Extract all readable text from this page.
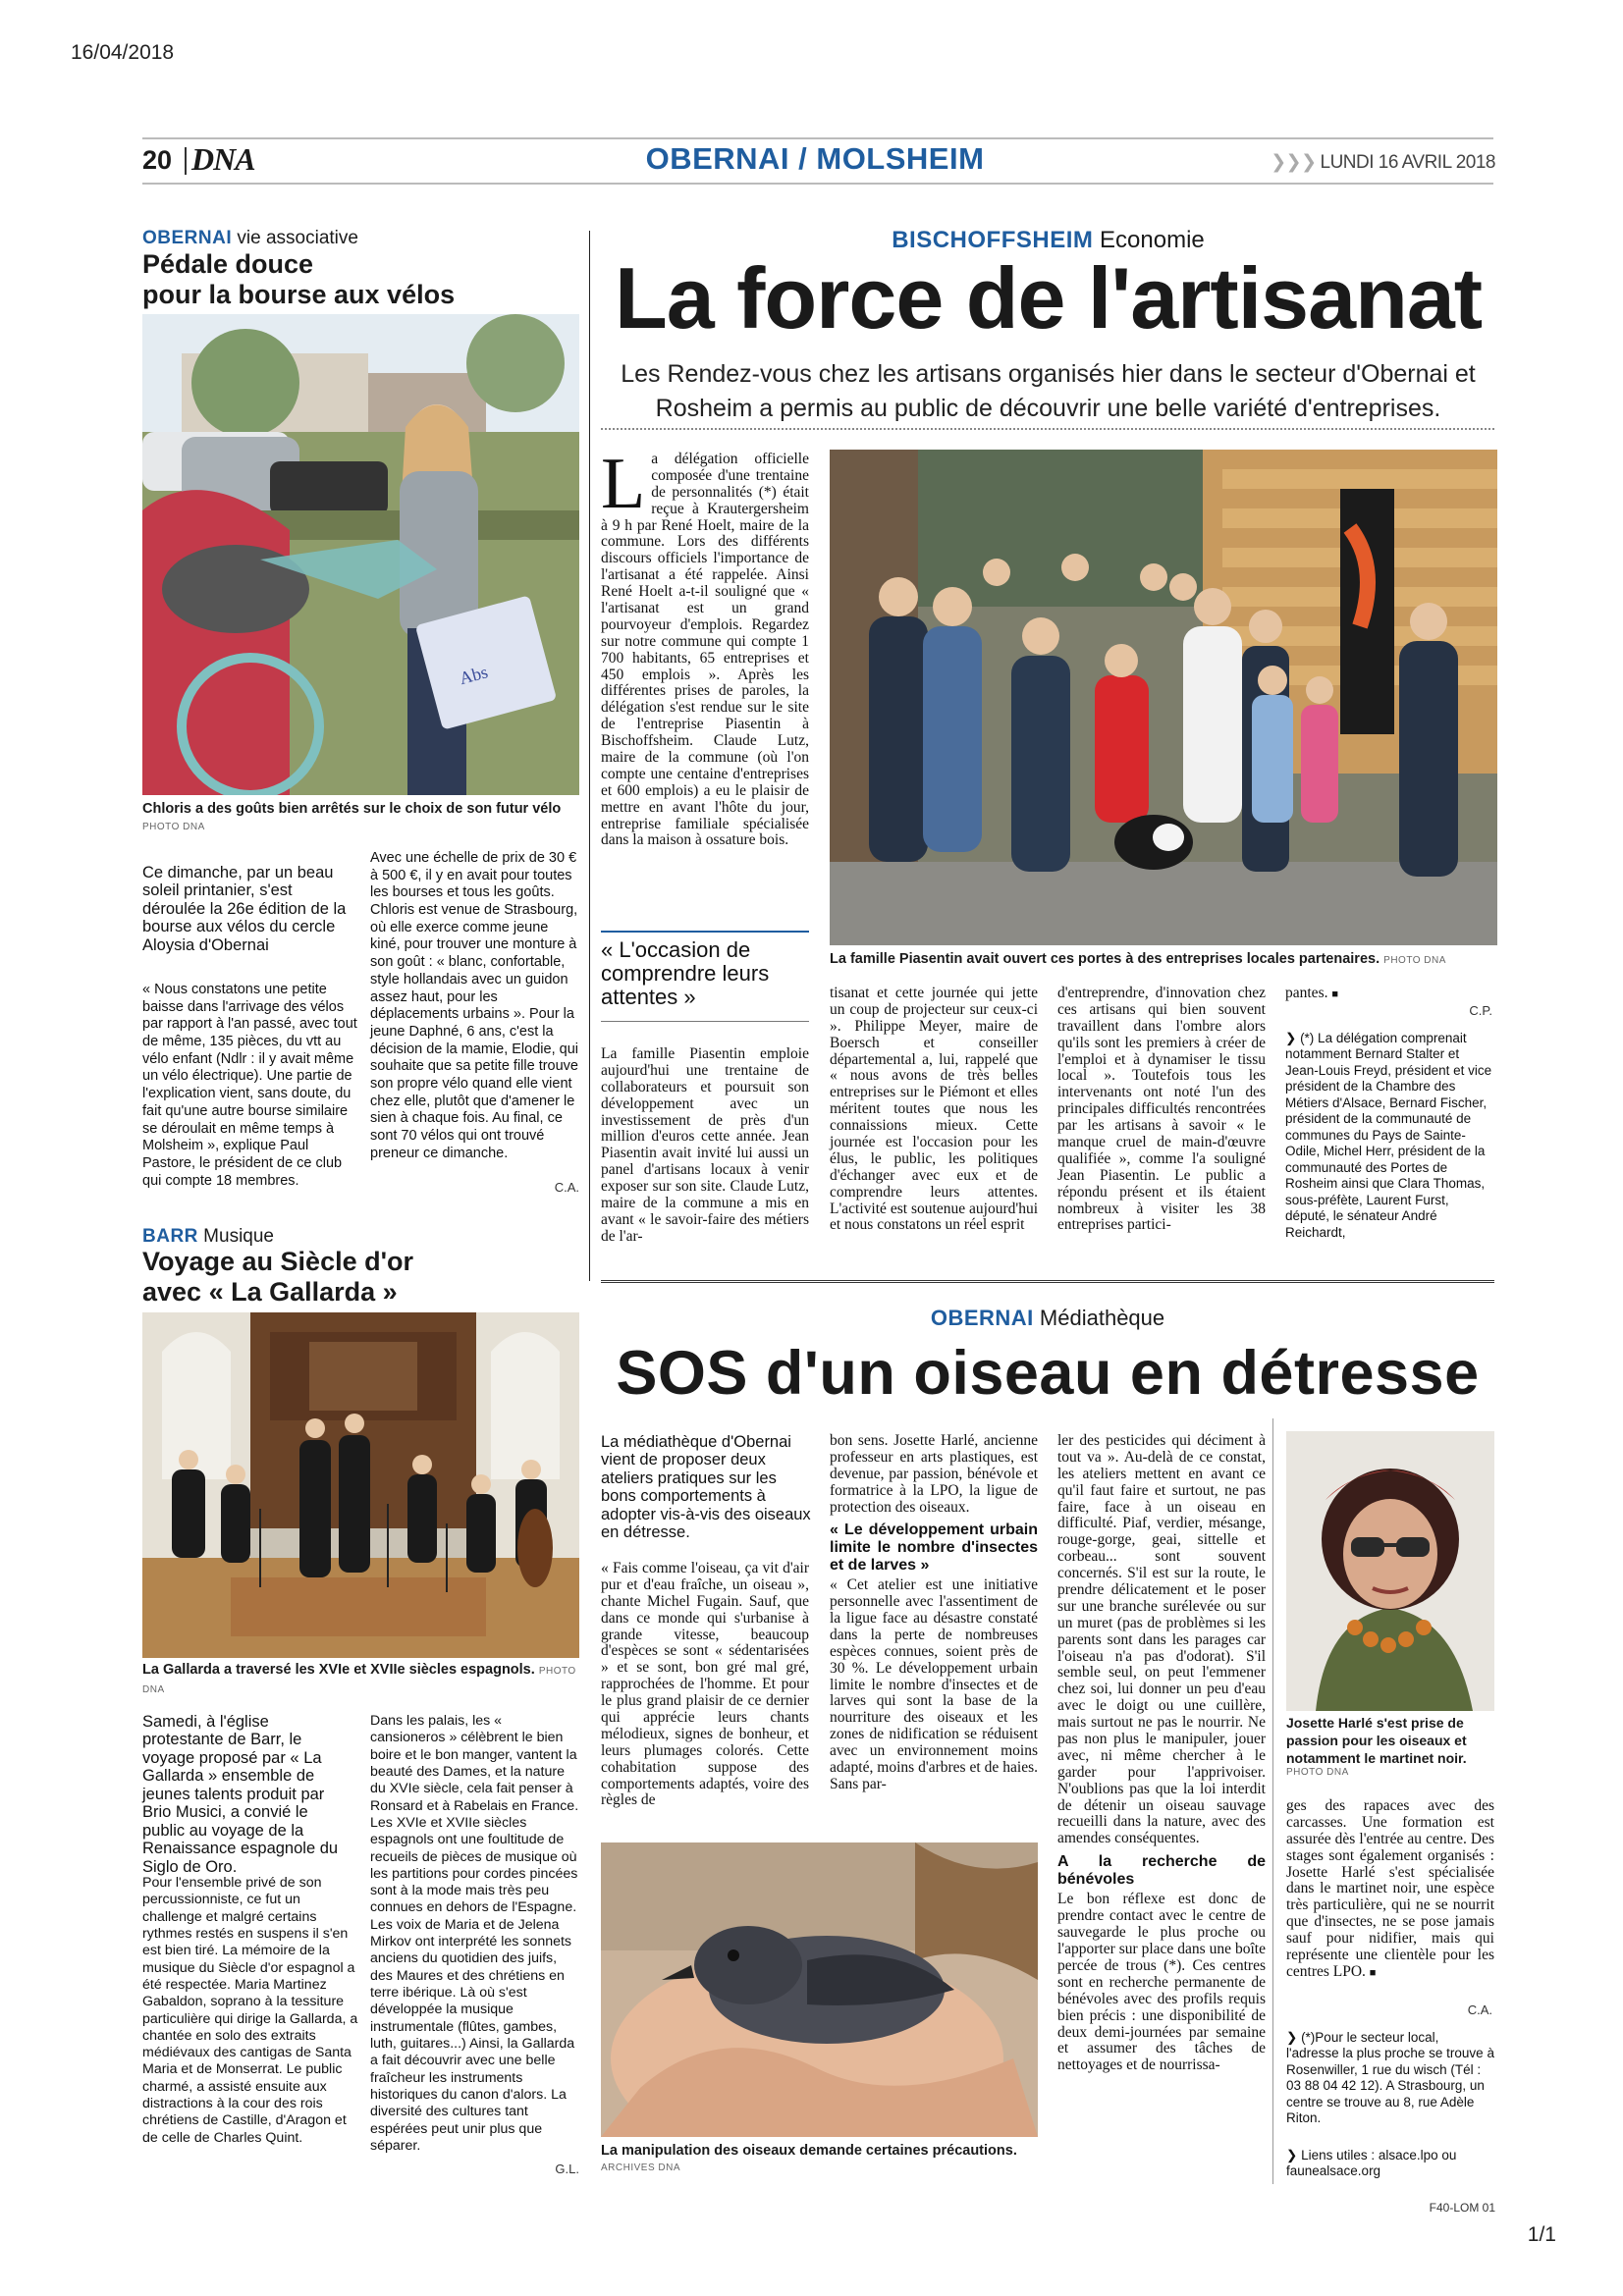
16/04/2018
1/1
20 DNA	OBERNAI / MOLSHEIM	❯❯❯ LUNDI 16 AVRIL 2018
OBERNAI vie associative
Pédale douce
pour la bourse aux vélos
Abs
Chloris a des goûts bien arrêtés sur le choix de son futur vélo
PHOTO DNA
Ce dimanche, par un beau soleil printanier, s'est déroulée la 26e édition de la bourse aux vélos du cercle Aloysia d'Obernai
« Nous constatons une petite baisse dans l'arrivage des vélos par rapport à l'an passé, avec tout de même, 135 pièces, du vtt au vélo enfant (Ndlr : il y avait même un vélo électrique). Une partie de l'explication vient, sans doute, du fait qu'une autre bourse similaire se déroulait en même temps à Molsheim », explique Paul Pastore, le président de ce club qui compte 18 membres.
Avec une échelle de prix de 30 € à 500 €, il y en avait pour toutes les bourses et tous les goûts. Chloris est venue de Strasbourg, où elle exerce comme jeune kiné, pour trouver une monture à son goût : « blanc, confortable, style hollandais avec un guidon assez haut, pour les déplacements urbains ». Pour la jeune Daphné, 6 ans, c'est la décision de la mamie, Elodie, qui souhaite que sa petite fille trouve son propre vélo quand elle vient chez elle, plutôt que d'amener le sien à chaque fois. Au final, ce sont 70 vélos qui ont trouvé preneur ce dimanche.
C.A.
BARR Musique
Voyage au Siècle d'or
avec « La Gallarda »
La Gallarda a traversé les XVIe et XVIIe siècles espagnols. PHOTO DNA
Samedi, à l'église protestante de Barr, le voyage proposé par « La Gallarda » ensemble de jeunes talents produit par Brio Musici, a convié le public au voyage de la Renaissance espagnole du Siglo de Oro.
Pour l'ensemble privé de son percussionniste, ce fut un challenge et malgré certains rythmes restés en suspens il s'en est bien tiré. La mémoire de la musique du Siècle d'or espagnol a été respectée. Maria Martinez Gabaldon, soprano à la tessiture particulière qui dirige la Gallarda, a chantée en solo des extraits médiévaux des cantigas de Santa Maria et de Monserrat. Le public charmé, a assisté ensuite aux distractions à la cour des rois chrétiens de Castille, d'Aragon et de celle de Charles Quint.
Dans les palais, les « cansioneros » célèbrent le bien boire et le bon manger, vantent la beauté des Dames, et la nature du XVIe siècle, cela fait penser à Ronsard et à Rabelais en France. Les XVIe et XVIIe siècles espagnols ont une foultitude de recueils de pièces de musique où les partitions pour cordes pincées sont à la mode mais très peu connues en dehors de l'Espagne. Les voix de Maria et de Jelena Mirkov ont interprété les sonnets anciens du quotidien des juifs, des Maures et des chrétiens en terre ibérique. Là où s'est développée la musique instrumentale (flûtes, gambes, luth, guitares...) Ainsi, la Gallarda a fait découvrir avec une belle fraîcheur les instruments historiques du canon d'alors. La diversité des cultures tant espérées peut unir plus que séparer.
G.L.
BISCHOFFSHEIM Economie
La force de l'artisanat
Les Rendez-vous chez les artisans organisés hier dans le secteur d'Obernai et Rosheim a permis au public de découvrir une belle variété d'entreprises.
La délégation officielle composée d'une trentaine de personnalités (*) était reçue à Krautergersheim à 9 h par René Hoelt, maire de la commune. Lors des différents discours officiels l'importance de l'artisanat a été rappelée. Ainsi René Hoelt a-t-il souligné que « l'artisanat est un grand pourvoyeur d'emplois. Regardez sur notre commune qui compte 1 700 habitants, 65 entreprises et 450 emplois ». Après les différentes prises de paroles, la délégation s'est rendue sur le site de l'entreprise Piasentin à Bischoffsheim. Claude Lutz, maire de la commune (où l'on compte une centaine d'entreprises et 600 emplois) a eu le plaisir de mettre en avant l'hôte du jour, entreprise familiale spécialisée dans la maison à ossature bois.
« L'occasion de comprendre leurs attentes »
La famille Piasentin emploie aujourd'hui une trentaine de collaborateurs et poursuit son développement avec un investissement de près d'un million d'euros cette année. Jean Piasentin avait invité lui aussi un panel d'artisans locaux à venir exposer sur son site. Claude Lutz, maire de la commune a mis en avant « le savoir-faire des métiers de l'ar-
La famille Piasentin avait ouvert ces portes à des entreprises locales partenaires. PHOTO DNA
tisanat et cette journée qui jette un coup de projecteur sur ceux-ci ». Philippe Meyer, maire de Boersch et conseiller départemental a, lui, rappelé que « nous avons de très belles entreprises sur le Piémont et elles méritent toutes que nous les connaissions mieux. Cette journée est l'occasion pour les élus, le public, les politiques d'échanger avec eux et de comprendre leurs attentes. L'activité est soutenue aujourd'hui et nous constatons un réel esprit
d'entreprendre, d'innovation chez ces artisans qui bien souvent travaillent dans l'ombre alors qu'ils sont les premiers à créer de l'emploi et à dynamiser le tissu local ». Toutefois tous les intervenants ont noté l'un des principales difficultés rencontrées par les artisans à savoir « le manque cruel de main-d'œuvre qualifiée », comme l'a souligné Jean Piasentin. Le public a répondu présent et ils étaient nombreux à visiter les 38 entreprises partici-
pantes. ■
C.P.
❯ (*) La délégation comprenait notamment Bernard Stalter et Jean-Louis Freyd, président et vice président de la Chambre des Métiers d'Alsace, Bernard Fischer, président de la communauté de communes du Pays de Sainte-Odile, Michel Herr, président de la communauté des Portes de Rosheim ainsi que Clara Thomas, sous-préfète, Laurent Furst, député, le sénateur André Reichardt,
OBERNAI Médiathèque
SOS d'un oiseau en détresse
La médiathèque d'Obernai vient de proposer deux ateliers pratiques sur les bons comportements à adopter vis-à-vis des oiseaux en détresse.
« Fais comme l'oiseau, ça vit d'air pur et d'eau fraîche, un oiseau », chante Michel Fugain. Sauf, que dans ce monde qui s'urbanise à grande vitesse, beaucoup d'espèces se sont « sédentarisées » et se sont, bon gré mal gré, rapprochées de l'homme. Et pour le plus grand plaisir de ce dernier qui apprécie leurs chants mélodieux, signes de bonheur, et leurs plumages colorés. Cette cohabitation suppose des comportements adaptés, voire des règles de

bon sens. Josette Harlé, ancienne professeur en arts plastiques, est devenue, par passion, bénévole et formatrice à la LPO, la ligue de protection des oiseaux.

« Le développement urbain limite le nombre d'insectes et de larves »

« Cet atelier est une initiative personnelle avec l'assentiment de la ligue face au désastre constaté dans la perte de nombreuses espèces connues, soient près de 30 %. Le développement urbain limite le nombre d'insectes et de larves qui sont la base de la nourriture des oiseaux et les zones de nidification se réduisent avec un environnement moins adapté, moins d'arbres et de haies. Sans par-

ler des pesticides qui déciment à tout va ». Au-delà de ce constat, les ateliers mettent en avant ce qu'il faut faire et surtout, ne pas faire, face à un oiseau en difficulté. Piaf, verdier, mésange, rouge-gorge, geai, sittelle et corbeau... sont souvent concernés. S'il est sur la route, le prendre délicatement et le poser sur une branche surélevée ou sur un muret (pas de problèmes si les parents sont dans les parages car l'oiseau n'a pas d'odorat). S'il semble seul, on peut l'emmener chez soi, lui donner un peu d'eau avec le doigt ou une cuillère, mais surtout ne pas le nourrir. Ne pas non plus le manipuler, jouer avec, ni même chercher à le garder pour l'apprivoiser. N'oublions pas que la loi interdit de détenir un oiseau sauvage recueilli dans la nature, avec des amendes conséquentes.

A la recherche de bénévoles

Le bon réflexe est donc de prendre contact avec le centre de sauvegarde le plus proche ou l'apporter sur place dans une boîte percée de trous (*). Ces centres sont en recherche permanente de bénévoles avec des profils requis bien précis : une disponibilité de deux demi-journées par semaine et assumer des tâches de nettoyages et de nourrissa-

La manipulation des oiseaux demande certaines précautions.
ARCHIVES DNA
Josette Harlé s'est prise de passion pour les oiseaux et notamment le martinet noir.
PHOTO DNA
ges des rapaces avec des carcasses. Une formation est assurée dès l'entrée au centre. Des stages sont également organisés : Josette Harlé s'est spécialisée dans le martinet noir, une espèce très particulière, qui ne se nourrit que d'insectes, ne se pose jamais sauf pour nidifier, mais qui représente une clientèle pour les centres LPO. ■
C.A.
❯ (*)Pour le secteur local, l'adresse la plus proche se trouve à Rosenwiller, 1 rue du wisch (Tél : 03 88 04 42 12). A Strasbourg, un centre se trouve au 8, rue Adèle Riton.
❯ Liens utiles : alsace.lpo ou faunealsace.org
F40-LOM 01
